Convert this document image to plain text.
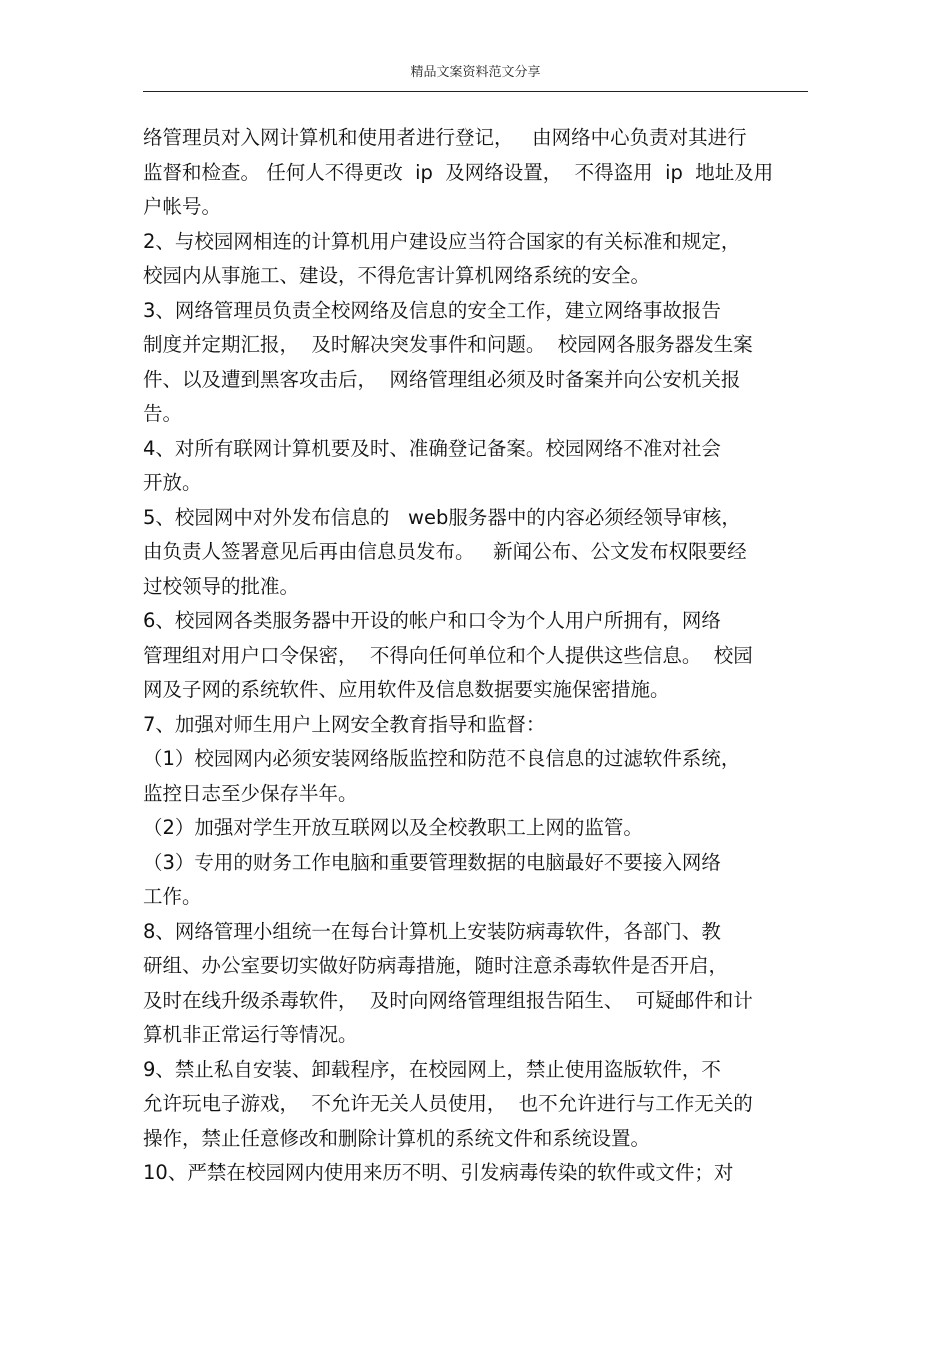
精品文案资料范文分享
络管理员对入网计算机和使用者进行登记，   由网络中心负责对其进行
监督和检查。 任何人不得更改  ip  及网络设置，  不得盗用  ip  地址及用
户帐号。
2、与校园网相连的计算机用户建设应当符合国家的有关标准和规定，
校园内从事施工、建设，不得危害计算机网络系统的安全。
3、网络管理员负责全校网络及信息的安全工作，建立网络事故报告
制度并定期汇报，  及时解决突发事件和问题。  校园网各服务器发生案
件、以及遭到黑客攻击后，  网络管理组必须及时备案并向公安机关报
告。
4、对所有联网计算机要及时、准确登记备案。校园网络不准对社会
开放。
5、校园网中对外发布信息的   web服务器中的内容必须经领导审核，
由负责人签署意见后再由信息员发布。   新闻公布、公文发布权限要经
过校领导的批准。
6、校园网各类服务器中开设的帐户和口令为个人用户所拥有，网络
管理组对用户口令保密，  不得向任何单位和个人提供这些信息。  校园
网及子网的系统软件、应用软件及信息数据要实施保密措施。
7、加强对师生用户上网安全教育指导和监督：
（1）校园网内必须安装网络版监控和防范不良信息的过滤软件系统，
监控日志至少保存半年。
（2）加强对学生开放互联网以及全校教职工上网的监管。
（3）专用的财务工作电脑和重要管理数据的电脑最好不要接入网络
工作。
8、网络管理小组统一在每台计算机上安装防病毒软件，各部门、教
研组、办公室要切实做好防病毒措施，随时注意杀毒软件是否开启，
及时在线升级杀毒软件，  及时向网络管理组报告陌生、  可疑邮件和计
算机非正常运行等情况。
9、禁止私自安装、卸载程序，在校园网上，禁止使用盗版软件，不
允许玩电子游戏，  不允许无关人员使用，  也不允许进行与工作无关的
操作，禁止任意修改和删除计算机的系统文件和系统设置。
10、严禁在校园网内使用来历不明、引发病毒传染的软件或文件；对
